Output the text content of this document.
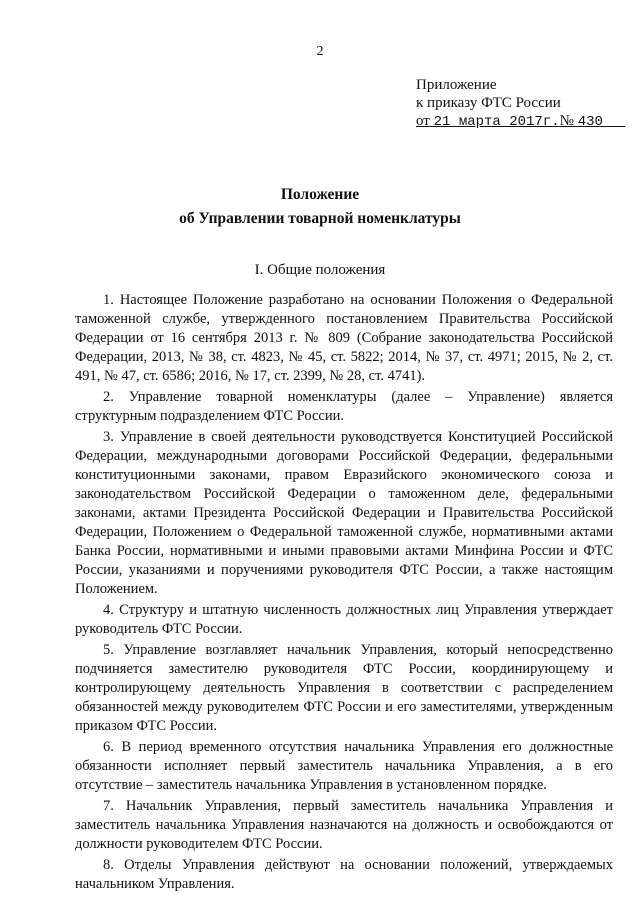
2
Приложение
к приказу ФТС России
от 21 марта 2017г.№ 430
Положение
об Управлении товарной номенклатуры
I. Общие положения

1. Настоящее Положение разработано на основании Положения о Федеральной таможенной службе, утвержденного постановлением Правительства Российской Федерации от 16 сентября 2013 г. № 809 (Собрание законодательства Российской Федерации, 2013, № 38, ст. 4823, № 45, ст. 5822; 2014, № 37, ст. 4971; 2015, № 2, ст. 491, № 47, ст. 6586; 2016, № 17, ст. 2399, № 28, ст. 4741).

2. Управление товарной номенклатуры (далее – Управление) является структурным подразделением ФТС России.

3. Управление в своей деятельности руководствуется Конституцией Российской Федерации, международными договорами Российской Федерации, федеральными конституционными законами, правом Евразийского экономического союза и законодательством Российской Федерации о таможенном деле, федеральными законами, актами Президента Российской Федерации и Правительства Российской Федерации, Положением о Федеральной таможенной службе, нормативными актами Банка России, нормативными и иными правовыми актами Минфина России и ФТС России, указаниями и поручениями руководителя ФТС России, а также настоящим Положением.

4. Структуру и штатную численность должностных лиц Управления утверждает руководитель ФТС России.

5. Управление возглавляет начальник Управления, который непосредственно подчиняется заместителю руководителя ФТС России, координирующему и контролирующему деятельность Управления в соответствии с распределением обязанностей между руководителем ФТС России и его заместителями, утвержденным приказом ФТС России.

6. В период временного отсутствия начальника Управления его должностные обязанности исполняет первый заместитель начальника Управления, а в его отсутствие – заместитель начальника Управления в установленном порядке.

7. Начальник Управления, первый заместитель начальника Управления и заместитель начальника Управления назначаются на должность и освобождаются от должности руководителем ФТС России.

8. Отделы Управления действуют на основании положений, утверждаемых начальником Управления.
